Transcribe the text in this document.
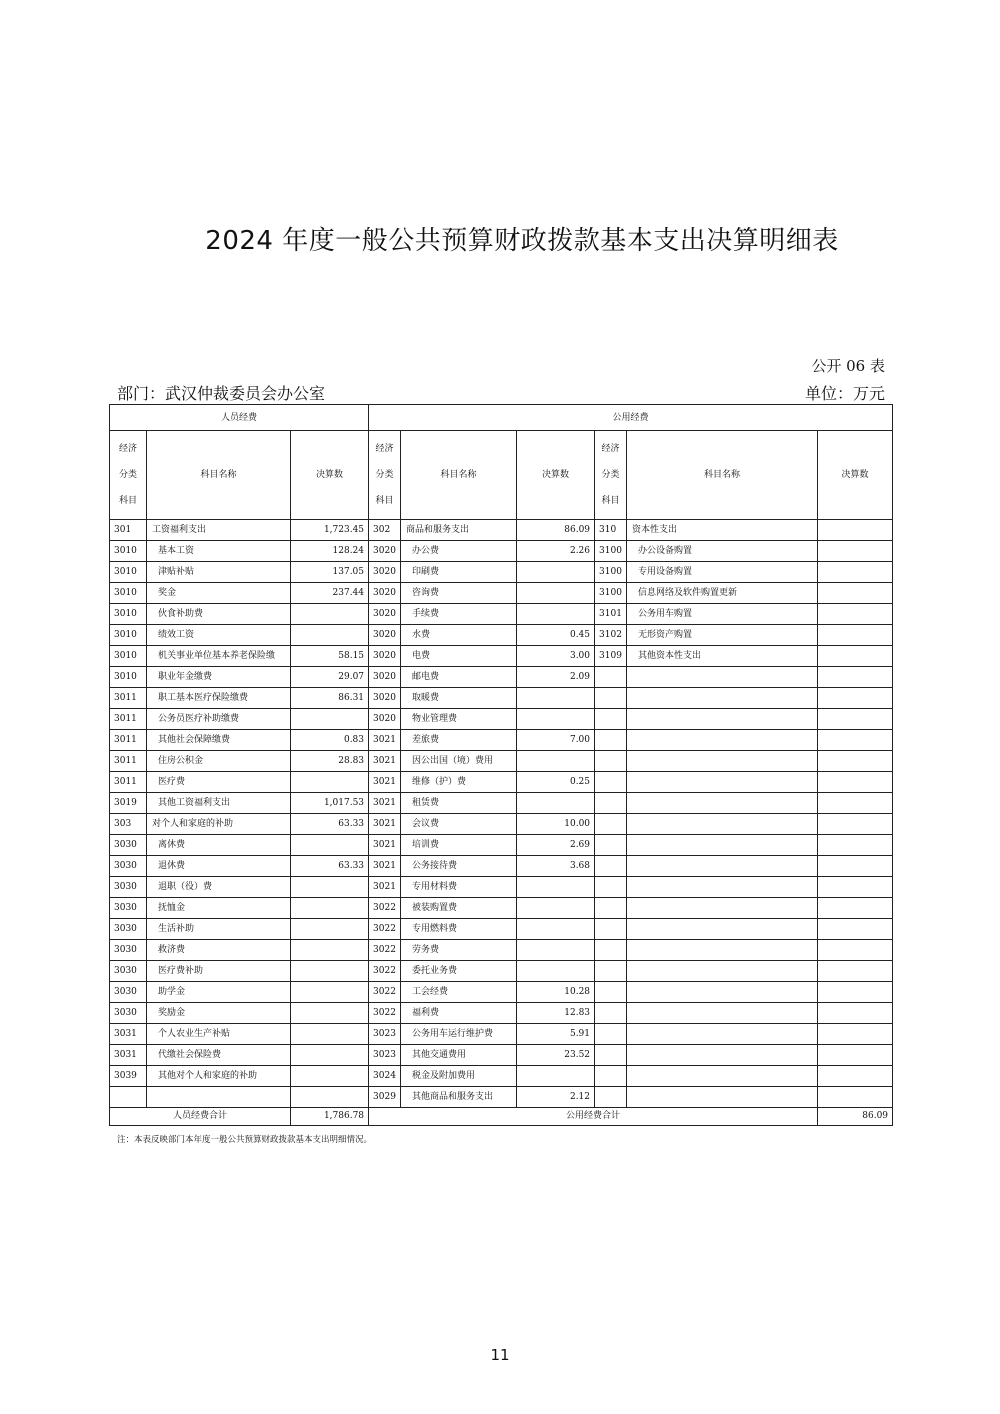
2024 年度一般公共预算财政拨款基本支出决算明细表
公开 06 表
部门：武汉仲裁委员会办公室	单位：万元
人员经费			公用经费					
经济
分类
科目	科目名称	决算数	经济
分类
科目	科目名称	决算数	经济
分类
科目	科目名称	决算数
301	工资福利支出	1,723.45	302	商品和服务支出	86.09	310	资本性支出	
3010	基本工资	128.24	3020	办公费	2.26	3100	办公设备购置	
3010	津贴补贴	137.05	3020	印刷费		3100	专用设备购置	
3010	奖金	237.44	3020	咨询费		3100	信息网络及软件购置更新	
3010	伙食补助费		3020	手续费		3101	公务用车购置	
3010	绩效工资		3020	水费	0.45	3102	无形资产购置	
3010	机关事业单位基本养老保险缴	58.15	3020	电费	3.00	3109	其他资本性支出	
3010	职业年金缴费	29.07	3020	邮电费	2.09			
3011	职工基本医疗保险缴费	86.31	3020	取暖费				
3011	公务员医疗补助缴费		3020	物业管理费				
3011	其他社会保障缴费	0.83	3021	差旅费	7.00			
3011	住房公积金	28.83	3021	因公出国（境）费用				
3011	医疗费		3021	维修（护）费	0.25			
3019	其他工资福利支出	1,017.53	3021	租赁费				
303	对个人和家庭的补助	63.33	3021	会议费	10.00			
3030	离休费		3021	培训费	2.69			
3030	退休费	63.33	3021	公务接待费	3.68			
3030	退职（役）费		3021	专用材料费				
3030	抚恤金		3022	被装购置费				
3030	生活补助		3022	专用燃料费				
3030	救济费		3022	劳务费				
3030	医疗费补助		3022	委托业务费				
3030	助学金		3022	工会经费	10.28			
3030	奖励金		3022	福利费	12.83			
3031	个人农业生产补贴		3023	公务用车运行维护费	5.91			
3031	代缴社会保险费		3023	其他交通费用	23.52			
3039	其他对个人和家庭的补助		3024	税金及附加费用				
			3029	其他商品和服务支出	2.12			
人员经费合计		1,786.78	公用经费合计					86.09
注：本表反映部门本年度一般公共预算财政拨款基本支出明细情况。
11
